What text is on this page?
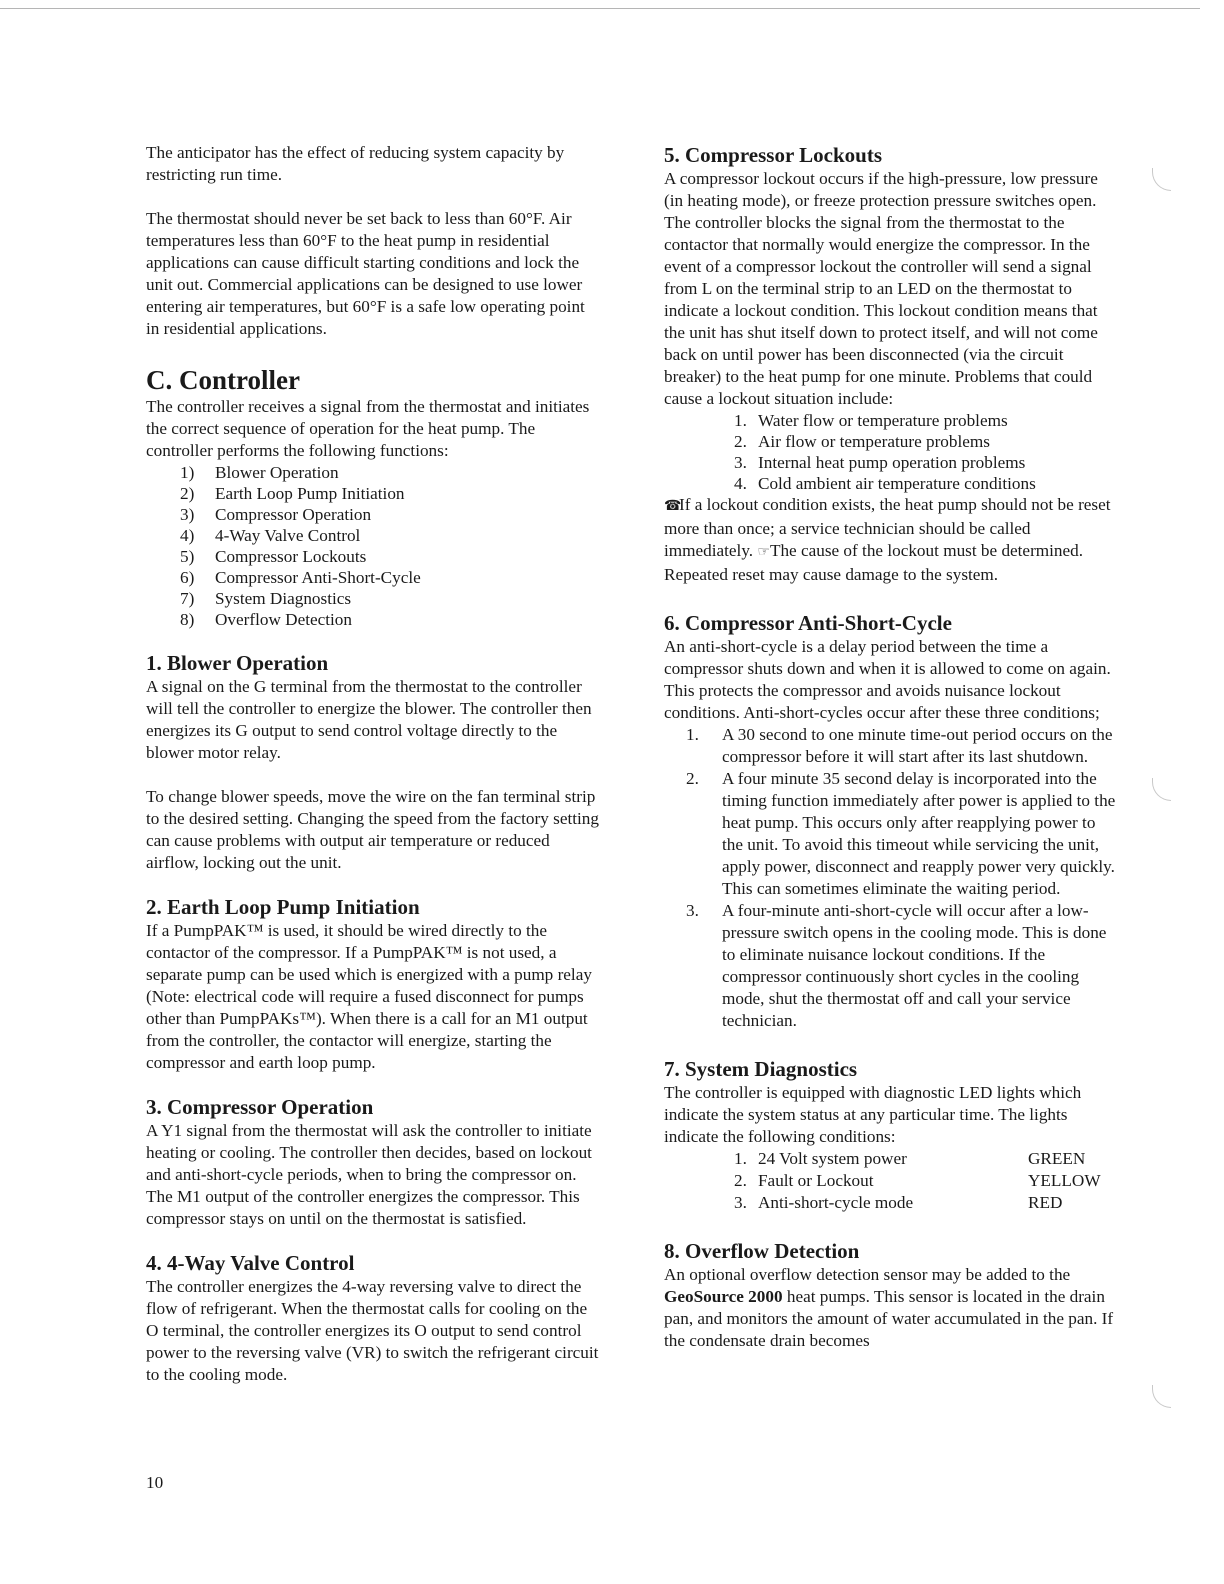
The anticipator has the effect of reducing system capacity by restricting run time.

The thermostat should never be set back to less than 60°F. Air temperatures less than 60°F to the heat pump in residential applications can cause difficult starting conditions and lock the unit out. Commercial applications can be designed to use lower entering air temperatures, but 60°F is a safe low operating point in residential applications.

C. Controller

The controller receives a signal from the thermostat and initiates the correct sequence of operation for the heat pump. The controller performs the following functions:

1) Blower Operation
2) Earth Loop Pump Initiation
3) Compressor Operation
4) 4-Way Valve Control
5) Compressor Lockouts
6) Compressor Anti-Short-Cycle
7) System Diagnostics
8) Overflow Detection
1. Blower Operation

A signal on the G terminal from the thermostat to the controller will tell the controller to energize the blower. The controller then energizes its G output to send control voltage directly to the blower motor relay.

To change blower speeds, move the wire on the fan terminal strip to the desired setting. Changing the speed from the factory setting can cause problems with output air temperature or reduced airflow, locking out the unit.

2. Earth Loop Pump Initiation

If a PumpPAK™ is used, it should be wired directly to the contactor of the compressor. If a PumpPAK™ is not used, a separate pump can be used which is energized with a pump relay (Note: electrical code will require a fused disconnect for pumps other than PumpPAKs™). When there is a call for an M1 output from the controller, the contactor will energize, starting the compressor and earth loop pump.

3. Compressor Operation

A Y1 signal from the thermostat will ask the controller to initiate heating or cooling. The controller then decides, based on lockout and anti-short-cycle periods, when to bring the compressor on. The M1 output of the controller energizes the compressor. This compressor stays on until on the thermostat is satisfied.

4. 4-Way Valve Control

The controller energizes the 4-way reversing valve to direct the flow of refrigerant. When the thermostat calls for cooling on the O terminal, the controller energizes its O output to send control power to the reversing valve (VR) to switch the refrigerant circuit to the cooling mode.

5. Compressor Lockouts

A compressor lockout occurs if the high-pressure, low pressure (in heating mode), or freeze protection pressure switches open. The controller blocks the signal from the thermostat to the contactor that normally would energize the compressor. In the event of a compressor lockout the controller will send a signal from L on the terminal strip to an LED on the thermostat to indicate a lockout condition. This lockout condition means that the unit has shut itself down to protect itself, and will not come back on until power has been disconnected (via the circuit breaker) to the heat pump for one minute. Problems that could cause a lockout situation include:

1. Water flow or temperature problems
2. Air flow or temperature problems
3. Internal heat pump operation problems
4. Cold ambient air temperature conditions

☎If a lockout condition exists, the heat pump should not be reset more than once; a service technician should be called immediately. ☞The cause of the lockout must be determined. Repeated reset may cause damage to the system.

6. Compressor Anti-Short-Cycle

An anti-short-cycle is a delay period between the time a compressor shuts down and when it is allowed to come on again. This protects the compressor and avoids nuisance lockout conditions. Anti-short-cycles occur after these three conditions;

1. A 30 second to one minute time-out period occurs on the compressor before it will start after its last shutdown.
2. A four minute 35 second delay is incorporated into the timing function immediately after power is applied to the heat pump. This occurs only after reapplying power to the unit. To avoid this timeout while servicing the unit, apply power, disconnect and reapply power very quickly. This can sometimes eliminate the waiting period.
3. A four-minute anti-short-cycle will occur after a low-pressure switch opens in the cooling mode. This is done to eliminate nuisance lockout conditions. If the compressor continuously short cycles in the cooling mode, shut the thermostat off and call your service technician.
7. System Diagnostics

The controller is equipped with diagnostic LED lights which indicate the system status at any particular time. The lights indicate the following conditions:

1. 24 Volt system power	GREEN
2. Fault or Lockout	YELLOW
3. Anti-short-cycle mode	RED
8. Overflow Detection

An optional overflow detection sensor may be added to the GeoSource 2000 heat pumps. This sensor is located in the drain pan, and monitors the amount of water accumulated in the pan. If the condensate drain becomes

10
